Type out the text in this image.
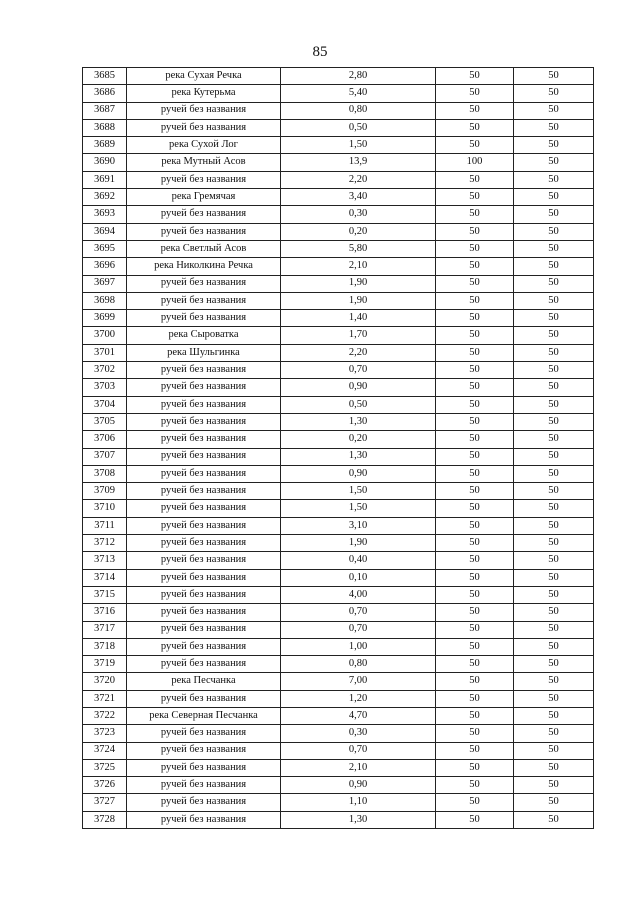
85
3685	река Сухая Речка	2,80	50	50
3686	река Кутерьма	5,40	50	50
3687	ручей без названия	0,80	50	50
3688	ручей без названия	0,50	50	50
3689	река Сухой Лог	1,50	50	50
3690	река Мутный Асов	13,9	100	50
3691	ручей без названия	2,20	50	50
3692	река Гремячая	3,40	50	50
3693	ручей без названия	0,30	50	50
3694	ручей без названия	0,20	50	50
3695	река Светлый Асов	5,80	50	50
3696	река Николкина Речка	2,10	50	50
3697	ручей без названия	1,90	50	50
3698	ручей без названия	1,90	50	50
3699	ручей без названия	1,40	50	50
3700	река Сыроватка	1,70	50	50
3701	река Шульгинка	2,20	50	50
3702	ручей без названия	0,70	50	50
3703	ручей без названия	0,90	50	50
3704	ручей без названия	0,50	50	50
3705	ручей без названия	1,30	50	50
3706	ручей без названия	0,20	50	50
3707	ручей без названия	1,30	50	50
3708	ручей без названия	0,90	50	50
3709	ручей без названия	1,50	50	50
3710	ручей без названия	1,50	50	50
3711	ручей без названия	3,10	50	50
3712	ручей без названия	1,90	50	50
3713	ручей без названия	0,40	50	50
3714	ручей без названия	0,10	50	50
3715	ручей без названия	4,00	50	50
3716	ручей без названия	0,70	50	50
3717	ручей без названия	0,70	50	50
3718	ручей без названия	1,00	50	50
3719	ручей без названия	0,80	50	50
3720	река Песчанка	7,00	50	50
3721	ручей без названия	1,20	50	50
3722	река Северная Песчанка	4,70	50	50
3723	ручей без названия	0,30	50	50
3724	ручей без названия	0,70	50	50
3725	ручей без названия	2,10	50	50
3726	ручей без названия	0,90	50	50
3727	ручей без названия	1,10	50	50
3728	ручей без названия	1,30	50	50
